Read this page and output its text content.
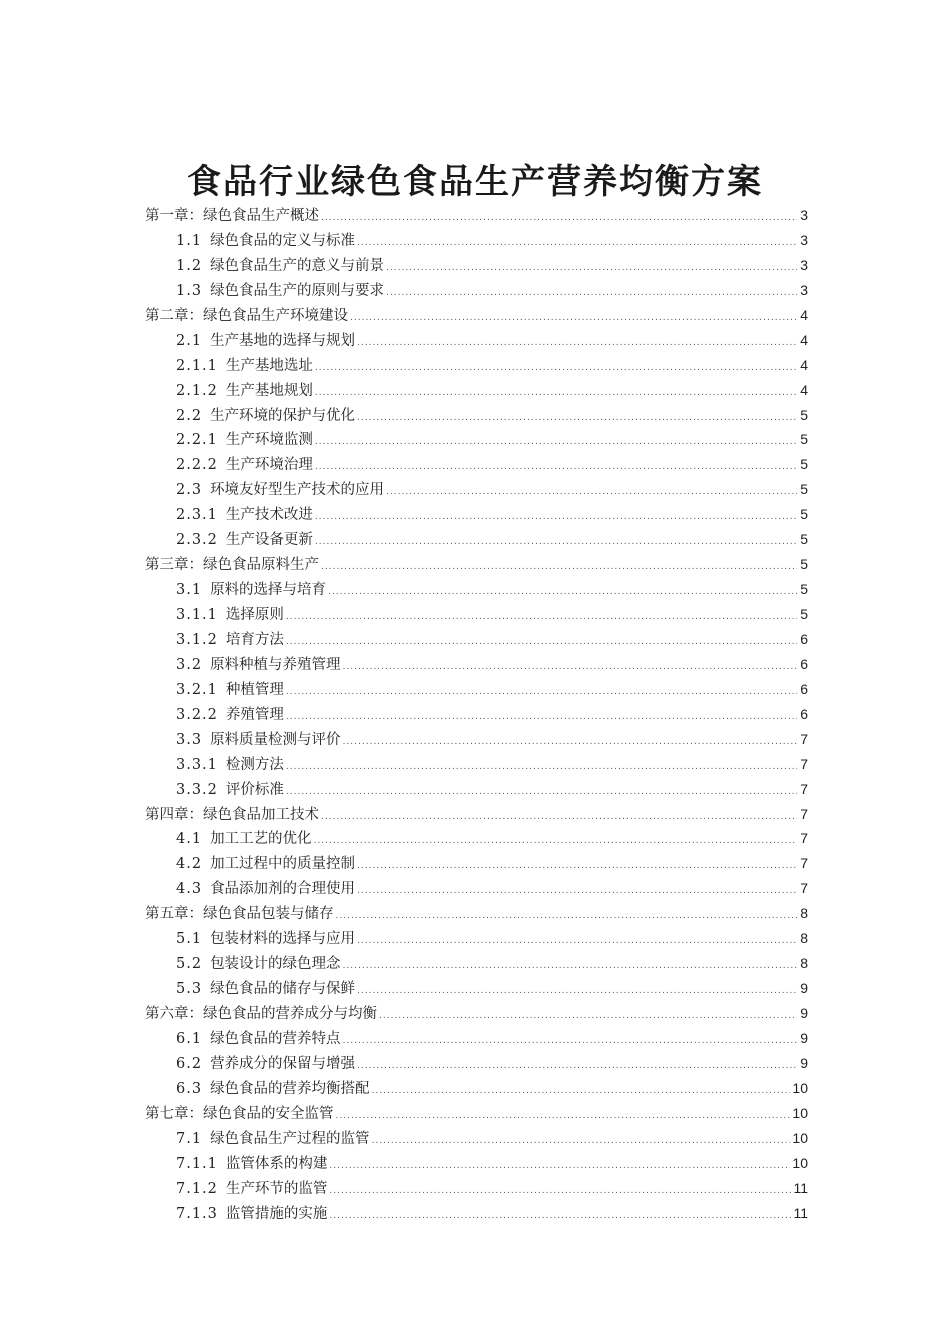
食品行业绿色食品生产营养均衡方案
第一章： 绿色食品生产概述 .....	3
1.1 绿色食品的定义与标准 .....	3
1.2 绿色食品生产的意义与前景 .....	3
1.3 绿色食品生产的原则与要求 .....	3
第二章： 绿色食品生产环境建设 .....	4
2.1 生产基地的选择与规划 .....	4
2.1.1 生产基地选址 .....	4
2.1.2 生产基地规划 .....	4
2.2 生产环境的保护与优化 .....	5
2.2.1 生产环境监测 .....	5
2.2.2 生产环境治理 .....	5
2.3 环境友好型生产技术的应用 .....	5
2.3.1 生产技术改进 .....	5
2.3.2 生产设备更新 .....	5
第三章： 绿色食品原料生产 .....	5
3.1 原料的选择与培育 .....	5
3.1.1 选择原则 .....	5
3.1.2 培育方法 .....	6
3.2 原料种植与养殖管理 .....	6
3.2.1 种植管理 .....	6
3.2.2 养殖管理 .....	6
3.3 原料质量检测与评价 .....	7
3.3.1 检测方法 .....	7
3.3.2 评价标准 .....	7
第四章： 绿色食品加工技术 .....	7
4.1 加工工艺的优化 .....	7
4.2 加工过程中的质量控制 .....	7
4.3 食品添加剂的合理使用 .....	7
第五章： 绿色食品包装与储存 .....	8
5.1 包装材料的选择与应用 .....	8
5.2 包装设计的绿色理念 .....	8
5.3 绿色食品的储存与保鲜 .....	9
第六章： 绿色食品的营养成分与均衡 .....	9
6.1 绿色食品的营养特点 .....	9
6.2 营养成分的保留与增强 .....	9
6.3 绿色食品的营养均衡搭配 .....	10
第七章： 绿色食品的安全监管 .....	10
7.1 绿色食品生产过程的监管 .....	10
7.1.1 监管体系的构建 .....	10
7.1.2 生产环节的监管 .....	11
7.1.3 监管措施的实施 .....	11
